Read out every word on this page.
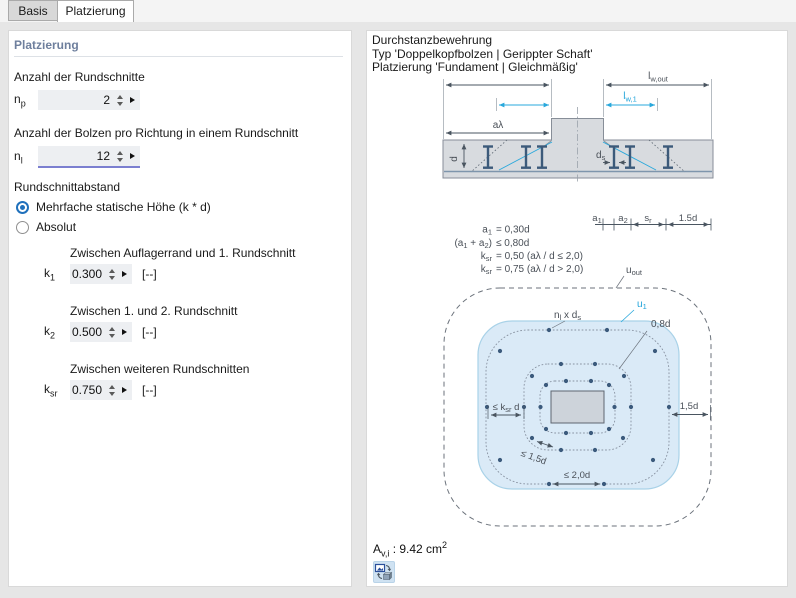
Basis	Platzierung
Platzierung
Anzahl der Rundschnitte
$n_p$	2
Anzahl der Bolzen pro Richtung in einem Rundschnitt
$n_l$	12
Rundschnittabstand
Mehrfache statische Höhe (k * d)
Absolut
Zwischen Auflagerrand und 1. Rundschnitt
$k_1$	0.300	[--]
Zwischen 1. und 2. Rundschnitt
$k_2$	0.500	[--]
Zwischen weiteren Rundschnitten
$k_{sr}$	0.750	[--]
Durchstanzbewehrung
Typ 'Doppelkopfbolzen | Gerippter Schaft'
Platzierung 'Fundament | Gleichmäßig'
$l_{w,out}$
$l_{w,1}$
aλ
d	$d_s$
$a_1 = 0,30d$
$(a_1 + a_2) \le 0,80d$
$k_{sr} = 0,50$ (aλ / d ≤ 2,0)
$k_{sr} = 0,75$ (aλ / d > 2,0)
$a_1$ $a_2$ $s_r$	1.5d
$u_{out}$
$u_1$
0,8d
$n_l$ x $d_s$
≤ $k_{sr}$ d	1,5d
≤ 1,5d
≤ 2,0d
$A_{v,i}$ : 9.42 $cm^2$
